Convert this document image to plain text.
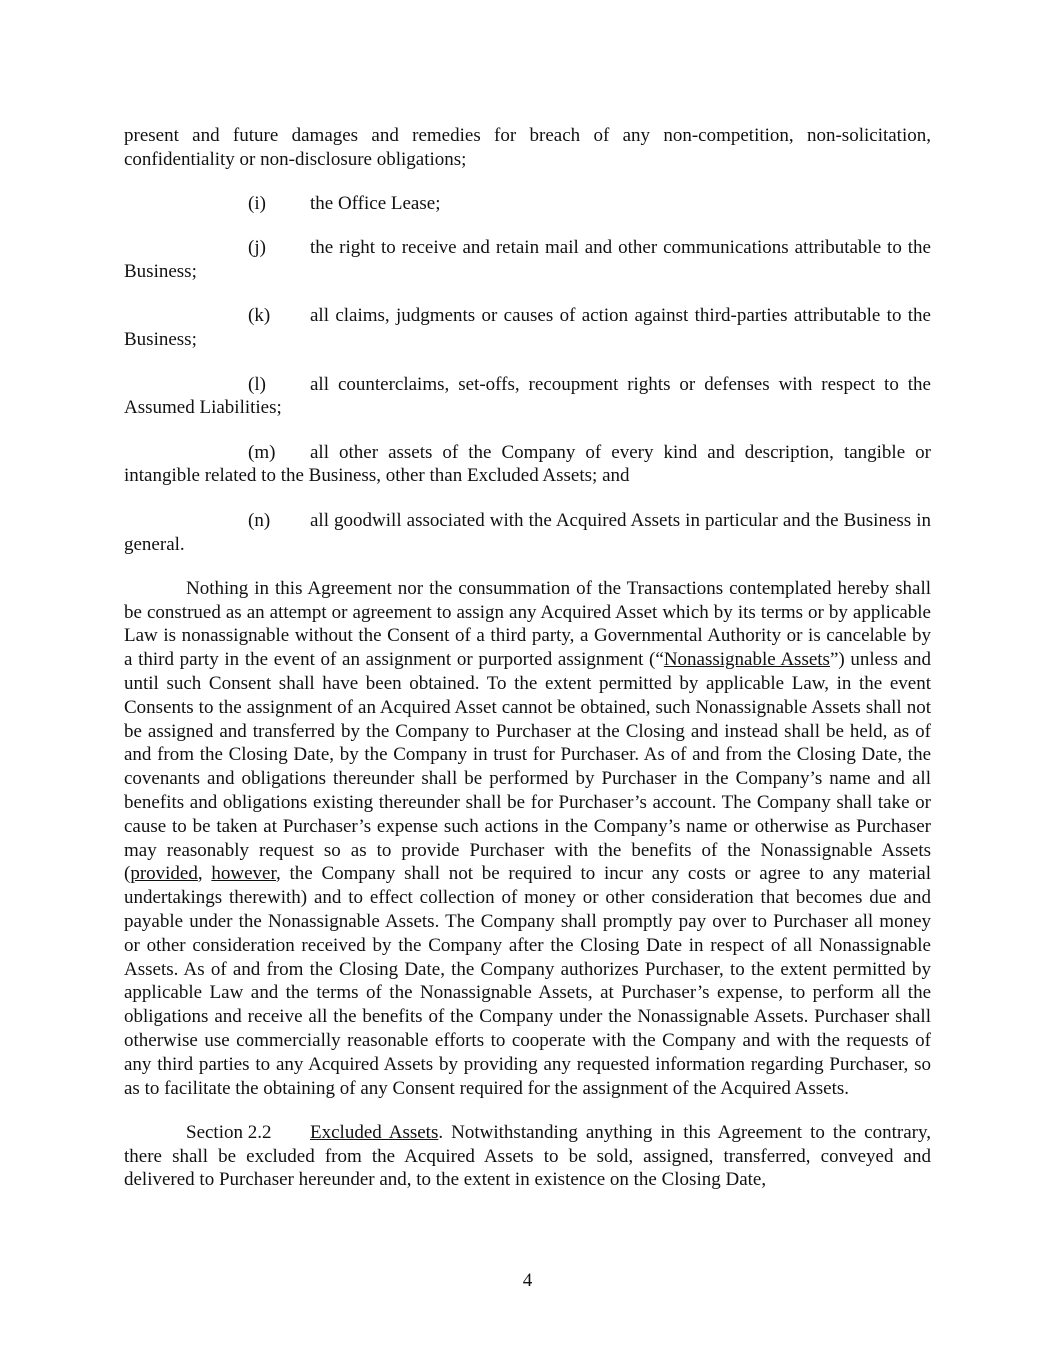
present and future damages and remedies for breach of any non-competition, non-solicitation, confidentiality or non-disclosure obligations;

(i) the Office Lease;

(j) the right to receive and retain mail and other communications attributable to the Business;

(k) all claims, judgments or causes of action against third-parties attributable to the Business;

(l) all counterclaims, set-offs, recoupment rights or defenses with respect to the Assumed Liabilities;

(m) all other assets of the Company of every kind and description, tangible or intangible related to the Business, other than Excluded Assets; and

(n) all goodwill associated with the Acquired Assets in particular and the Business in general.

Nothing in this Agreement nor the consummation of the Transactions contemplated hereby shall be construed as an attempt or agreement to assign any Acquired Asset which by its terms or by applicable Law is nonassignable without the Consent of a third party, a Governmental Authority or is cancelable by a third party in the event of an assignment or purported assignment (“Nonassignable Assets”) unless and until such Consent shall have been obtained. To the extent permitted by applicable Law, in the event Consents to the assignment of an Acquired Asset cannot be obtained, such Nonassignable Assets shall not be assigned and transferred by the Company to Purchaser at the Closing and instead shall be held, as of and from the Closing Date, by the Company in trust for Purchaser. As of and from the Closing Date, the covenants and obligations thereunder shall be performed by Purchaser in the Company’s name and all benefits and obligations existing thereunder shall be for Purchaser’s account. The Company shall take or cause to be taken at Purchaser’s expense such actions in the Company’s name or otherwise as Purchaser may reasonably request so as to provide Purchaser with the benefits of the Nonassignable Assets (provided, however, the Company shall not be required to incur any costs or agree to any material undertakings therewith) and to effect collection of money or other consideration that becomes due and payable under the Nonassignable Assets. The Company shall promptly pay over to Purchaser all money or other consideration received by the Company after the Closing Date in respect of all Nonassignable Assets. As of and from the Closing Date, the Company authorizes Purchaser, to the extent permitted by applicable Law and the terms of the Nonassignable Assets, at Purchaser’s expense, to perform all the obligations and receive all the benefits of the Company under the Nonassignable Assets. Purchaser shall otherwise use commercially reasonable efforts to cooperate with the Company and with the requests of any third parties to any Acquired Assets by providing any requested information regarding Purchaser, so as to facilitate the obtaining of any Consent required for the assignment of the Acquired Assets.

Section 2.2 Excluded Assets. Notwithstanding anything in this Agreement to the contrary, there shall be excluded from the Acquired Assets to be sold, assigned, transferred, conveyed and delivered to Purchaser hereunder and, to the extent in existence on the Closing Date,

4
